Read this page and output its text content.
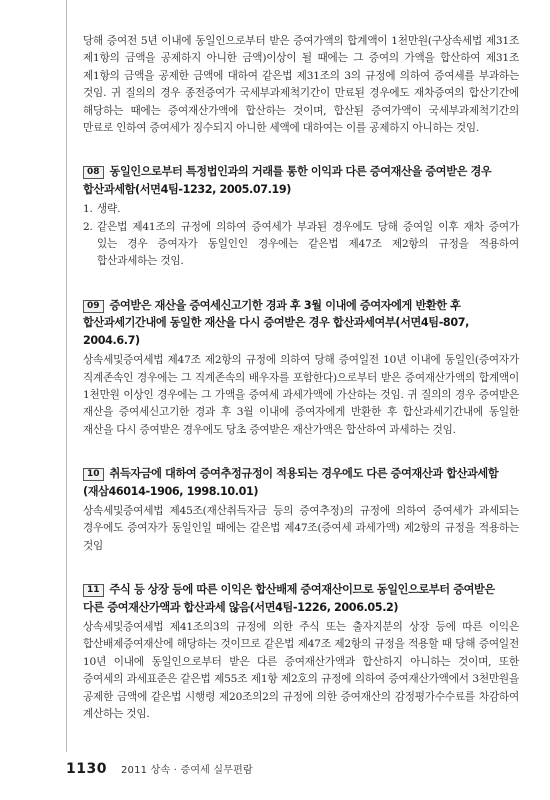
당해 증여전 5년 이내에 동일인으로부터 받은 증여가액의 합계액이 1천만원(구상속세법 제31조 제1항의 금액을 공제하지 아니한 금액)이상이 될 때에는 그 증여의 가액을 합산하여 제31조 제1항의 금액을 공제한 금액에 대하여 같은법 제31조의 3의 규정에 의하여 증여세를 부과하는 것임. 귀 질의의 경우 종전증여가 국세부과제척기간이 만료된 경우에도 재차증여의 합산기간에 해당하는 때에는 증여재산가액에 합산하는 것이며, 합산된 증여가액이 국세부과제척기간의 만료로 인하여 증여세가 징수되지 아니한 세액에 대하여는 이를 공제하지 아니하는 것임.

08 동일인으로부터 특정법인과의 거래를 통한 이익과 다른 증여재산을 증여받은 경우 합산과세함(서면4팀-1232, 2005.07.19)
1. 생략.
2. 같은법 제41조의 규정에 의하여 증여세가 부과된 경우에도 당해 증여일 이후 재차 증여가 있는 경우 증여자가 동일인인 경우에는 같은법 제47조 제2항의 규정을 적용하여 합산과세하는 것임.
09 증여받은 재산을 증여세신고기한 경과 후 3월 이내에 증여자에게 반환한 후 합산과세기간내에 동일한 재산을 다시 증여받은 경우 합산과세여부(서면4팀-807, 2004.6.7)

상속세및증여세법 제47조 제2항의 규정에 의하여 당해 증여일전 10년 이내에 동일인(증여자가 직계존속인 경우에는 그 직계존속의 배우자를 포함한다)으로부터 받은 증여재산가액의 합계액이 1천만원 이상인 경우에는 그 가액을 증여세 과세가액에 가산하는 것임. 귀 질의의 경우 증여받은 재산을 증여세신고기한 경과 후 3월 이내에 증여자에게 반환한 후 합산과세기간내에 동일한 재산을 다시 증여받은 경우에도 당초 증여받은 재산가액은 합산하여 과세하는 것임.

10 취득자금에 대하여 증여추정규정이 적용되는 경우에도 다른 증여재산과 합산과세함(재삼46014-1906, 1998.10.01)

상속세및증여세법 제45조(재산취득자금 등의 증여추정)의 규정에 의하여 증여세가 과세되는 경우에도 증여자가 동일인일 때에는 같은법 제47조(증여세 과세가액) 제2항의 규정을 적용하는 것임

11 주식 등 상장 등에 따른 이익은 합산배제 증여재산이므로 동일인으로부터 증여받은 다른 증여재산가액과 합산과세 않음(서면4팀-1226, 2006.05.2)

상속세및증여세법 제41조의3의 규정에 의한 주식 또는 출자지분의 상장 등에 따른 이익은 합산배제증여재산에 해당하는 것이므로 같은법 제47조 제2항의 규정을 적용할 때 당해 증여일전 10년 이내에 동일인으로부터 받은 다른 증여재산가액과 합산하지 아니하는 것이며, 또한 증여세의 과세표준은 같은법 제55조 제1항 제2호의 규정에 의하여 증여재산가액에서 3천만원을 공제한 금액에 같은법 시행령 제20조의2의 규정에 의한 증여재산의 감정평가수수료를 차감하여 계산하는 것임.

1130 2011 상속 · 증여세 실무편람
